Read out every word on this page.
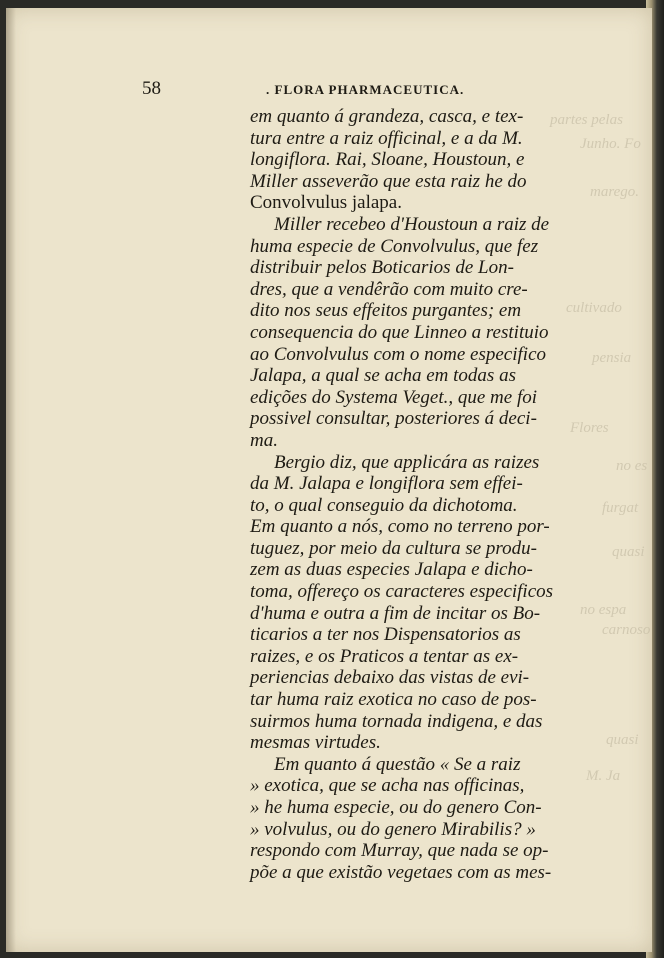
partes pelas
Junho. Fo
marego.
cultivado
pensia
Flores
no es
furgat
quasi
no espa
carnoso
quasi
M. Ja
58	. FLORA PHARMACEUTICA.
em quanto á grandeza, casca, e tex-
tura entre a raiz officinal, e a da M.
longiflora. Rai, Sloane, Houstoun, e
Miller asseverão que esta raiz he do
Convolvulus jalapa.
Miller recebeo d'Houstoun a raiz de
huma especie de Convolvulus, que fez
distribuir pelos Boticarios de Lon-
dres, que a vendêrão com muito cre-
dito nos seus effeitos purgantes; em
consequencia do que Linneo a restituio
ao Convolvulus com o nome especifico
Jalapa, a qual se acha em todas as
edições do Systema Veget., que me foi
possivel consultar, posteriores á deci-
ma.
Bergio diz, que applicára as raizes
da M. Jalapa e longiflora sem effei-
to, o qual conseguio da dichotoma.
Em quanto a nós, como no terreno por-
tuguez, por meio da cultura se produ-
zem as duas especies Jalapa e dicho-
toma, offereço os caracteres especificos
d'huma e outra a fim de incitar os Bo-
ticarios a ter nos Dispensatorios as
raizes, e os Praticos a tentar as ex-
periencias debaixo das vistas de evi-
tar huma raiz exotica no caso de pos-
suirmos huma tornada indigena, e das
mesmas virtudes.
Em quanto á questão « Se a raiz
» exotica, que se acha nas officinas,
» he huma especie, ou do genero Con-
» volvulus, ou do genero Mirabilis? »
respondo com Murray, que nada se op-
põe a que existão vegetaes com as mes-
